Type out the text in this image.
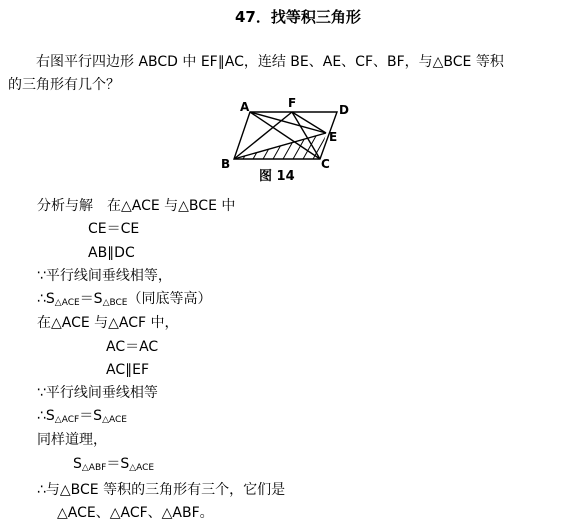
47．找等积三角形
右图平行四边形 ABCD 中 EF∥AC，连结 BE、AE、CF、BF，与△BCE 等积
的三角形有几个？
A	F	D
E
B	C
图 14
分析与解　在△ACE 与△BCE 中
CE＝CE
AB∥DC
∵平行线间垂线相等，
$\therefore S_{\triangle ACE}=S_{\triangle BCE}$（同底等高）
在△ACE 与△ACF 中，
AC＝AC
AC∥EF
∵平行线间垂线相等
$\therefore S_{\triangle ACF}=S_{\triangle ACE}$
同样道理，
$S_{\triangle ABF}=S_{\triangle ACE}$
∴与△BCE 等积的三角形有三个，它们是
△ACE、△ACF、△ABF。
